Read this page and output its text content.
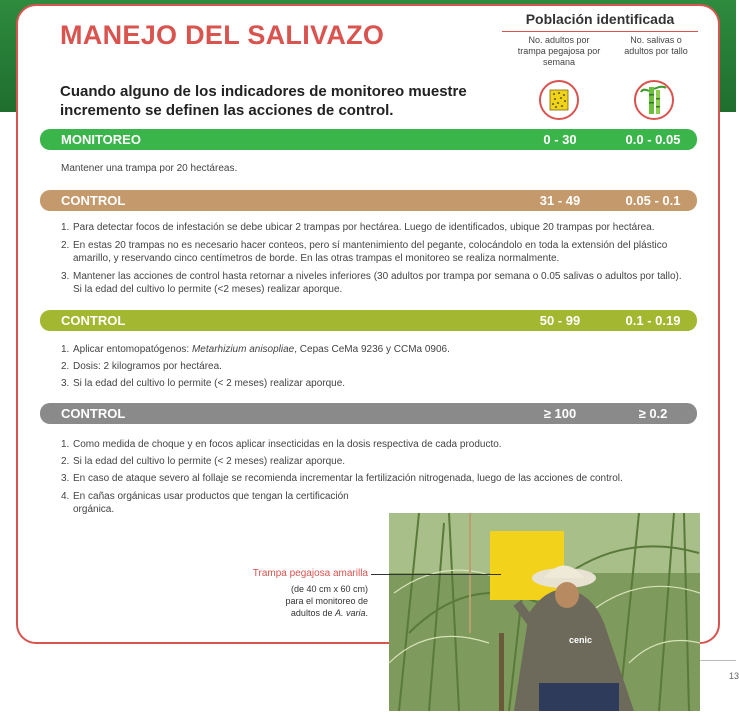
MANEJO DEL SALIVAZO
Cuando alguno de los indicadores de monitoreo muestre incremento se definen las acciones de control.
Población identificada
No. adultos por trampa pegajosa por semana
No. salivas o adultos por tallo
MONITOREO	0 - 30	0.0 - 0.05
Mantener una trampa por 20 hectáreas.
CONTROL	31 - 49	0.05 - 0.1
1. Para detectar focos de infestación se debe ubicar 2 trampas por hectárea. Luego de identificados, ubique 20 trampas por hectárea.
2. En estas 20 trampas no es necesario hacer conteos, pero sí mantenimiento del pegante, colocándolo en toda la extensión del plástico amarillo, y reservando cinco centímetros de borde. En las otras trampas el monitoreo se realiza normalmente.
3. Mantener las acciones de control hasta retornar a niveles inferiores (30 adultos por trampa por semana o 0.05 salivas o adultos por tallo). Si la edad del cultivo lo permite (<2 meses) realizar aporque.
CONTROL	50 - 99	0.1 - 0.19
1. Aplicar entomopatógenos: Metarhizium anisopliae, Cepas CeMa 9236 y CCMa 0906.
2. Dosis: 2 kilogramos por hectárea.
3. Si la edad del cultivo lo permite (< 2 meses) realizar aporque.
CONTROL	≥ 100	≥ 0.2
1. Como medida de choque y en focos aplicar insecticidas en la dosis respectiva de cada producto.
2. Si la edad del cultivo lo permite (< 2 meses) realizar aporque.
3. En caso de ataque severo al follaje se recomienda incrementar la fertilización nitrogenada, luego de las acciones de control.
4. En cañas orgánicas usar productos que tengan la certificación orgánica.
cenic
Trampa pegajosa amarilla
(de 40 cm x 60 cm)
para el monitoreo de
adultos de A. varia.
13
